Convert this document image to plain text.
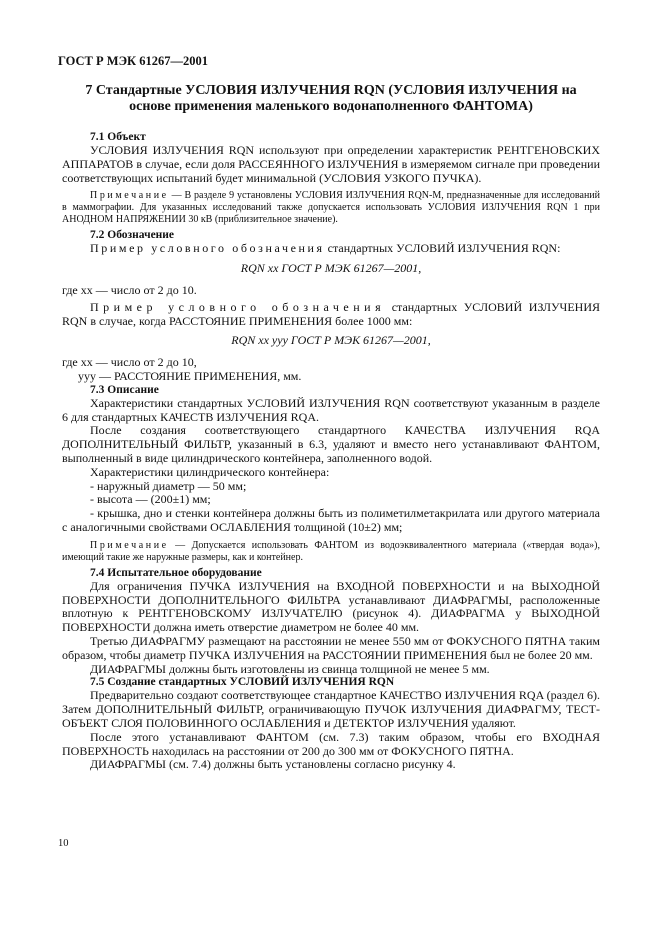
ГОСТ Р МЭК 61267—2001
7 Стандартные УСЛОВИЯ ИЗЛУЧЕНИЯ RQN (УСЛОВИЯ ИЗЛУЧЕНИЯ на основе применения маленького водонаполненного ФАНТОМА)
7.1 Объект

УСЛОВИЯ ИЗЛУЧЕНИЯ RQN используют при определении характеристик РЕНТГЕНОВСКИХ АППАРАТОВ в случае, если доля РАССЕЯННОГО ИЗЛУЧЕНИЯ в измеряемом сигнале при проведении соответствующих испытаний будет минимальной (УСЛОВИЯ УЗКОГО ПУЧКА).

Примечание — В разделе 9 установлены УСЛОВИЯ ИЗЛУЧЕНИЯ RQN-M, предназначенные для исследований в маммографии. Для указанных исследований также допускается использовать УСЛОВИЯ ИЗЛУЧЕНИЯ RQN 1 при АНОДНОМ НАПРЯЖЕНИИ 30 кВ (приблизительное значение).
7.2 Обозначение

Пример условного обозначения стандартных УСЛОВИЙ ИЗЛУЧЕНИЯ RQN:

RQN xx ГОСТ Р МЭК 61267—2001,

где xx — число от 2 до 10.

Пример условного обозначения стандартных УСЛОВИЙ ИЗЛУЧЕНИЯ RQN в случае, когда РАССТОЯНИЕ ПРИМЕНЕНИЯ более 1000 мм:

RQN xx yyy ГОСТ Р МЭК 61267—2001,

где xx — число от 2 до 10,

yyy — РАССТОЯНИЕ ПРИМЕНЕНИЯ, мм.

7.3 Описание

Характеристики стандартных УСЛОВИЙ ИЗЛУЧЕНИЯ RQN соответствуют указанным в разделе 6 для стандартных КАЧЕСТВ ИЗЛУЧЕНИЯ RQA.

После создания соответствующего стандартного КАЧЕСТВА ИЗЛУЧЕНИЯ RQA ДОПОЛНИТЕЛЬНЫЙ ФИЛЬТР, указанный в 6.3, удаляют и вместо него устанавливают ФАНТОМ, выполненный в виде цилиндрического контейнера, заполненного водой.

Характеристики цилиндрического контейнера:

- наружный диаметр — 50 мм;

- высота — (200±1) мм;

- крышка, дно и стенки контейнера должны быть из полиметилметакрилата или другого материала с аналогичными свойствами ОСЛАБЛЕНИЯ толщиной (10±2) мм;

Примечание — Допускается использовать ФАНТОМ из водоэквивалентного материала («твердая вода»), имеющий такие же наружные размеры, как и контейнер.
7.4 Испытательное оборудование

Для ограничения ПУЧКА ИЗЛУЧЕНИЯ на ВХОДНОЙ ПОВЕРХНОСТИ и на ВЫХОДНОЙ ПОВЕРХНОСТИ ДОПОЛНИТЕЛЬНОГО ФИЛЬТРА устанавливают ДИАФРАГМЫ, расположенные вплотную к РЕНТГЕНОВСКОМУ ИЗЛУЧАТЕЛЮ (рисунок 4). ДИАФРАГМА у ВЫХОДНОЙ ПОВЕРХНОСТИ должна иметь отверстие диаметром не более 40 мм.

Третью ДИАФРАГМУ размещают на расстоянии не менее 550 мм от ФОКУСНОГО ПЯТНА таким образом, чтобы диаметр ПУЧКА ИЗЛУЧЕНИЯ на РАССТОЯНИИ ПРИМЕНЕНИЯ был не более 20 мм.

ДИАФРАГМЫ должны быть изготовлены из свинца толщиной не менее 5 мм.

7.5 Создание стандартных УСЛОВИЙ ИЗЛУЧЕНИЯ RQN

Предварительно создают соответствующее стандартное КАЧЕСТВО ИЗЛУЧЕНИЯ RQA (раздел 6). Затем ДОПОЛНИТЕЛЬНЫЙ ФИЛЬТР, ограничивающую ПУЧОК ИЗЛУЧЕНИЯ ДИАФРАГМУ, ТЕСТ-ОБЪЕКТ СЛОЯ ПОЛОВИННОГО ОСЛАБЛЕНИЯ и ДЕТЕКТОР ИЗЛУЧЕНИЯ удаляют.

После этого устанавливают ФАНТОМ (см. 7.3) таким образом, чтобы его ВХОДНАЯ ПОВЕРХНОСТЬ находилась на расстоянии от 200 до 300 мм от ФОКУСНОГО ПЯТНА.

ДИАФРАГМЫ (см. 7.4) должны быть установлены согласно рисунку 4.

10
